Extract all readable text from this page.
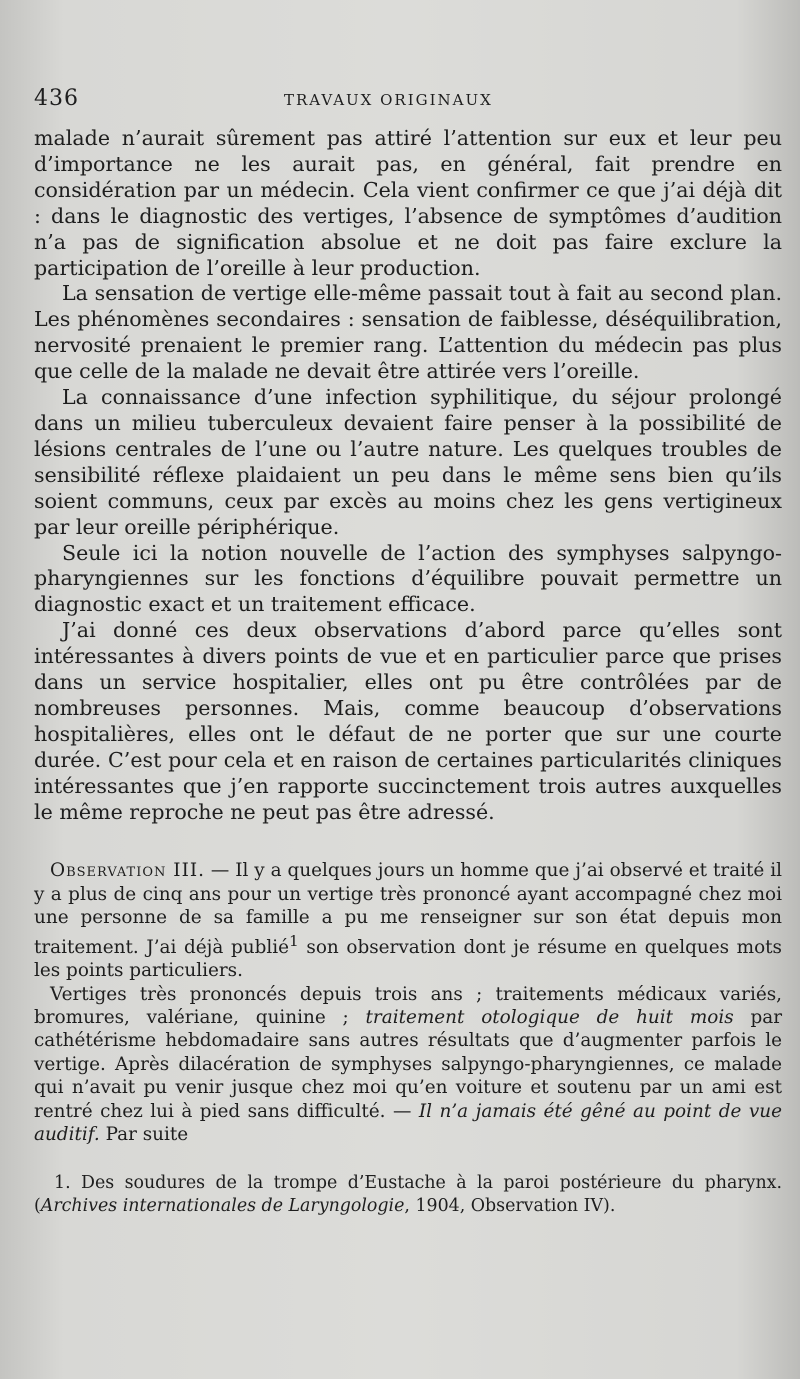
436	TRAVAUX ORIGINAUX

malade n’aurait sûrement pas attiré l’attention sur eux et leur peu d’importance ne les aurait pas, en général, fait prendre en considération par un médecin. Cela vient confirmer ce que j’ai déjà dit : dans le diagnostic des vertiges, l’absence de symptômes d’audition n’a pas de signification absolue et ne doit pas faire exclure la participation de l’oreille à leur production.

La sensation de vertige elle-même passait tout à fait au second plan. Les phénomènes secondaires : sensation de faiblesse, déséquilibration, nervosité prenaient le premier rang. L’attention du médecin pas plus que celle de la malade ne devait être attirée vers l’oreille.

La connaissance d’une infection syphilitique, du séjour prolongé dans un milieu tuberculeux devaient faire penser à la possibilité de lésions centrales de l’une ou l’autre nature. Les quelques troubles de sensibilité réflexe plaidaient un peu dans le même sens bien qu’ils soient communs, ceux par excès au moins chez les gens vertigineux par leur oreille périphérique.

Seule ici la notion nouvelle de l’action des symphyses salpyngo-pharyngiennes sur les fonctions d’équilibre pouvait permettre un diagnostic exact et un traitement efficace.

J’ai donné ces deux observations d’abord parce qu’elles sont intéressantes à divers points de vue et en particulier parce que prises dans un service hospitalier, elles ont pu être contrôlées par de nombreuses personnes. Mais, comme beaucoup d’observations hospitalières, elles ont le défaut de ne porter que sur une courte durée. C’est pour cela et en raison de certaines particularités cliniques intéressantes que j’en rapporte succinctement trois autres auxquelles le même reproche ne peut pas être adressé.

Observation III. — Il y a quelques jours un homme que j’ai observé et traité il y a plus de cinq ans pour un vertige très prononcé ayant accompagné chez moi une personne de sa famille a pu me renseigner sur son état depuis mon traitement. J’ai déjà publié$^1$ son observation dont je résume en quelques mots les points particuliers.

Vertiges très prononcés depuis trois ans ; traitements médicaux variés, bromures, valériane, quinine ; traitement otologique de huit mois par cathétérisme hebdomadaire sans autres résultats que d’augmenter parfois le vertige. Après dilacération de symphyses salpyngo-pharyngiennes, ce malade qui n’avait pu venir jusque chez moi qu’en voiture et soutenu par un ami est rentré chez lui à pied sans difficulté. — Il n’a jamais été gêné au point de vue auditif. Par suite

1. Des soudures de la trompe d’Eustache à la paroi postérieure du pharynx. (Archives internationales de Laryngologie, 1904, Observation IV).
